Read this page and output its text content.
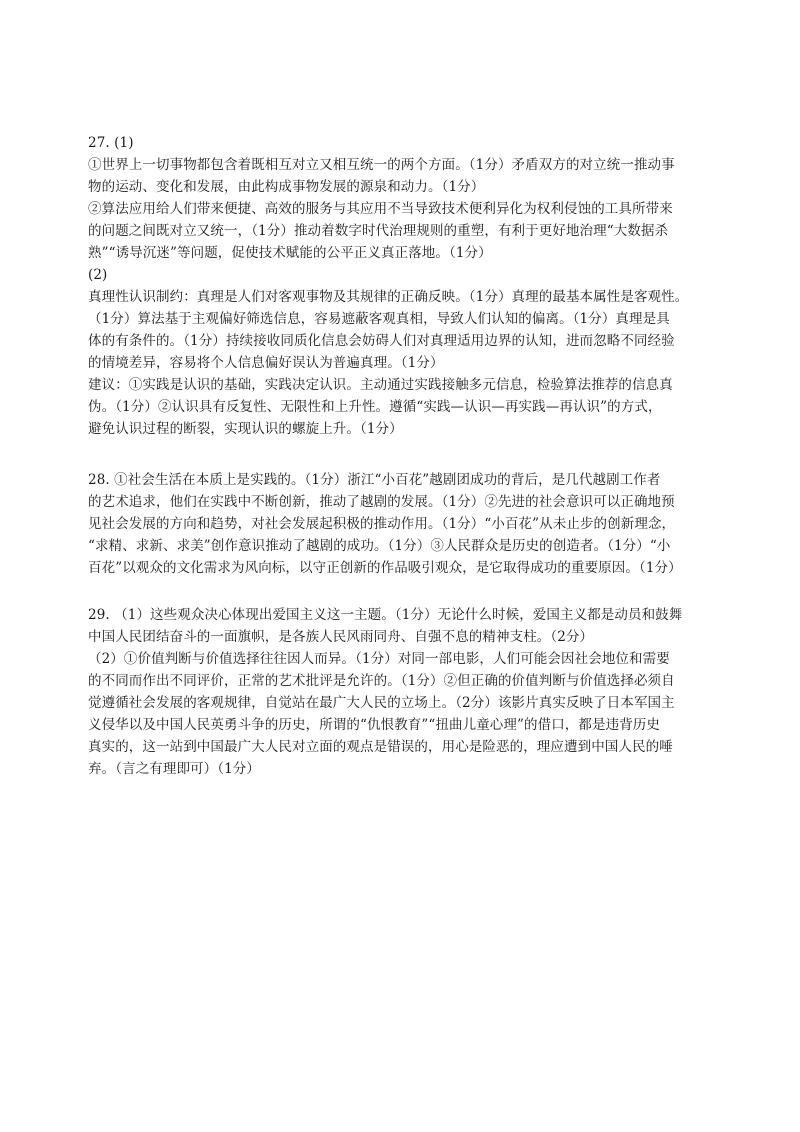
27. (1)
①世界上一切事物都包含着既相互对立又相互统一的两个方面。（1分）矛盾双方的对立统一推动事
物的运动、变化和发展，由此构成事物发展的源泉和动力。（1分）
②算法应用给人们带来便捷、高效的服务与其应用不当导致技术便利异化为权利侵蚀的工具所带来
的问题之间既对立又统一，（1分）推动着数字时代治理规则的重塑，有利于更好地治理“大数据杀
熟”“诱导沉迷”等问题，促使技术赋能的公平正义真正落地。（1分）
(2)
真理性认识制约：真理是人们对客观事物及其规律的正确反映。（1分）真理的最基本属性是客观性。
（1分）算法基于主观偏好筛选信息，容易遮蔽客观真相，导致人们认知的偏离。（1分）真理是具
体的有条件的。（1分）持续接收同质化信息会妨碍人们对真理适用边界的认知，进而忽略不同经验
的情境差异，容易将个人信息偏好误认为普遍真理。（1分）
建议：①实践是认识的基础，实践决定认识。主动通过实践接触多元信息，检验算法推荐的信息真
伪。（1分）②认识具有反复性、无限性和上升性。遵循“实践—认识—再实践—再认识”的方式，
避免认识过程的断裂，实现认识的螺旋上升。（1分）
28. ①社会生活在本质上是实践的。（1分）浙江“小百花”越剧团成功的背后，是几代越剧工作者
的艺术追求，他们在实践中不断创新，推动了越剧的发展。（1分）②先进的社会意识可以正确地预
见社会发展的方向和趋势，对社会发展起积极的推动作用。（1分）“小百花”从未止步的创新理念，
“求精、求新、求美”创作意识推动了越剧的成功。（1分）③人民群众是历史的创造者。（1分）“小
百花”以观众的文化需求为风向标，以守正创新的作品吸引观众，是它取得成功的重要原因。（1分）
29. （1）这些观众决心体现出爱国主义这一主题。（1分）无论什么时候，爱国主义都是动员和鼓舞
中国人民团结奋斗的一面旗帜，是各族人民风雨同舟、自强不息的精神支柱。（2分）
（2）①价值判断与价值选择往往因人而异。（1分）对同一部电影，人们可能会因社会地位和需要
的不同而作出不同评价，正常的艺术批评是允许的。（1分）②但正确的价值判断与价值选择必须自
觉遵循社会发展的客观规律，自觉站在最广大人民的立场上。（2分）该影片真实反映了日本军国主
义侵华以及中国人民英勇斗争的历史，所谓的“仇恨教育”“扭曲儿童心理”的借口，都是违背历史
真实的，这一站到中国最广大人民对立面的观点是错误的，用心是险恶的，理应遭到中国人民的唾
弃。（言之有理即可）（1分）
